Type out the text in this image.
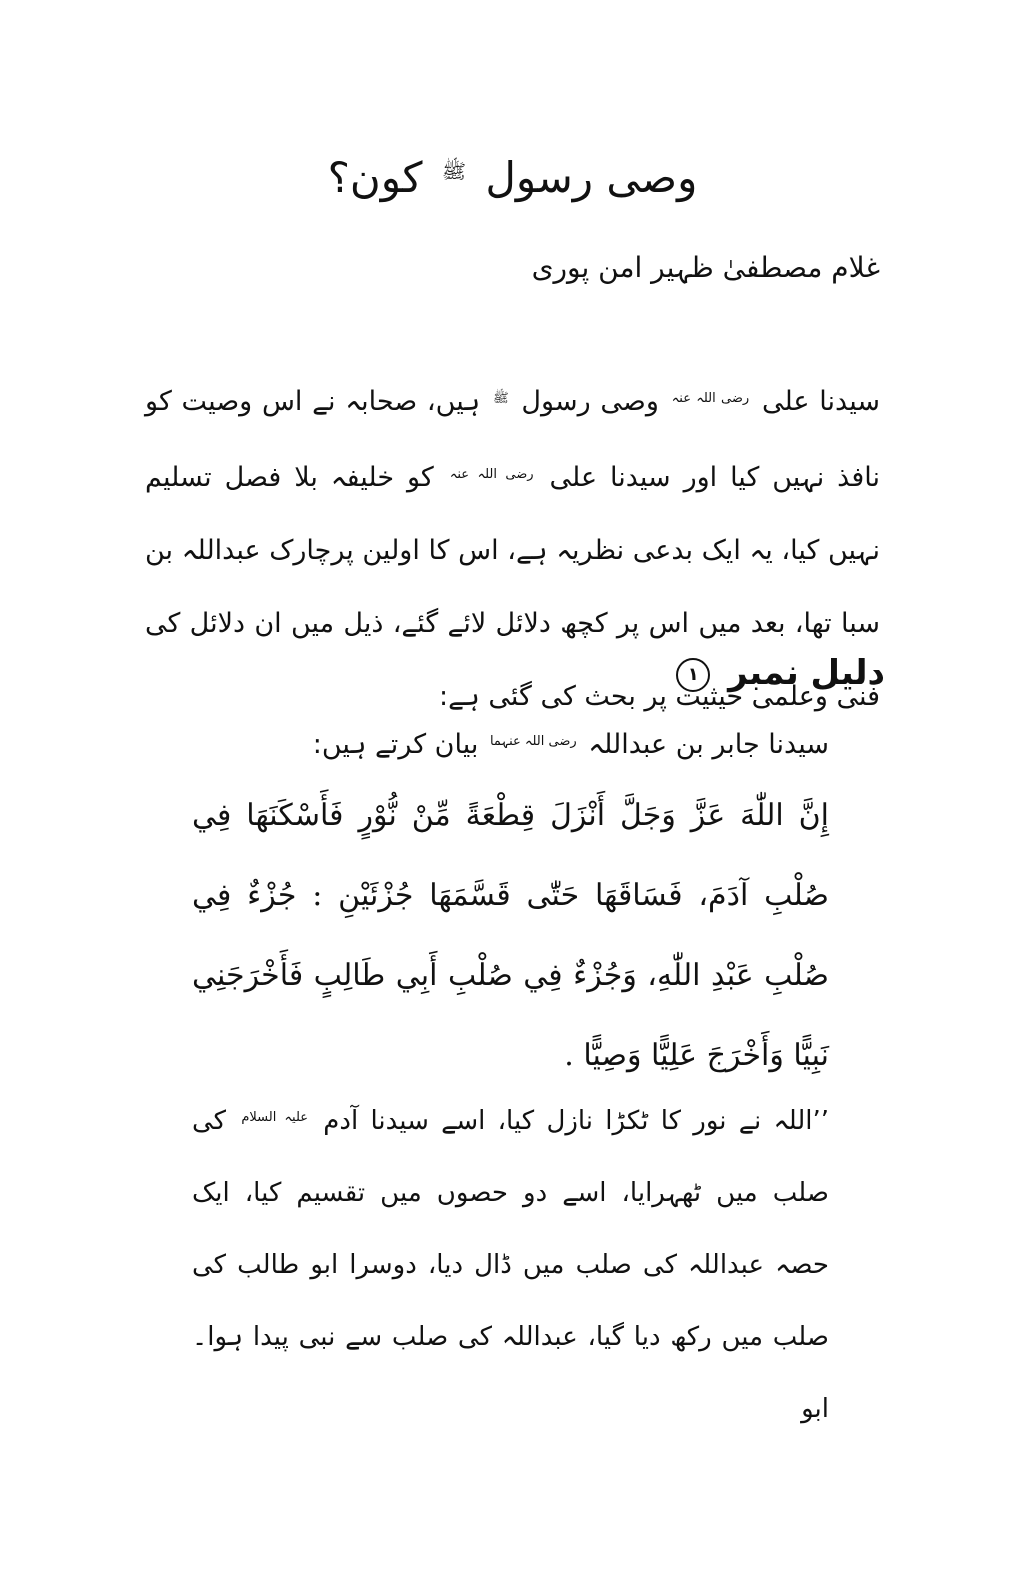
وصی رسول $^ﷺ$ کون؟
غلام مصطفیٰ ظہیر امن پوری
سیدنا علی $^{رضی اللہ عنہ}$ وصی رسول $^ﷺ$ ہیں، صحابہ نے اس وصیت کو نافذ نہیں کیا اور سیدنا علی $^{رضی اللہ عنہ}$ کو خلیفہ بلا فصل تسلیم نہیں کیا، یہ ایک بدعی نظریہ ہے، اس کا اولین پرچارک عبداللہ بن سبا تھا، بعد میں اس پر کچھ دلائل لائے گئے، ذیل میں ان دلائل کی فنی وعلمی حیثیت پر بحث کی گئی ہے:
دلیل نمبر ١
سیدنا جابر بن عبداللہ $^{رضی اللہ عنہما}$ بیان کرتے ہیں:
إِنَّ اللّٰهَ عَزَّ وَجَلَّ أَنْزَلَ قِطْعَةً مِّنْ نُّوْرٍ فَأَسْكَنَهَا فِي صُلْبِ آدَمَ، فَسَاقَهَا حَتّٰى قَسَّمَهَا جُزْئَيْنِ : جُزْءٌ فِي صُلْبِ عَبْدِ اللّٰهِ، وَجُزْءٌ فِي صُلْبِ أَبِي طَالِبٍ فَأَخْرَجَنِي نَبِيًّا وَأَخْرَجَ عَلِيًّا وَصِيًّا .
’’اللہ نے نور کا ٹکڑا نازل کیا، اسے سیدنا آدم $^{علیہ السلام}$ کی صلب میں ٹھہرایا، اسے دو حصوں میں تقسیم کیا، ایک حصہ عبداللہ کی صلب میں ڈال دیا، دوسرا ابو طالب کی صلب میں رکھ دیا گیا، عبداللہ کی صلب سے نبی پیدا ہوا۔ ابو
